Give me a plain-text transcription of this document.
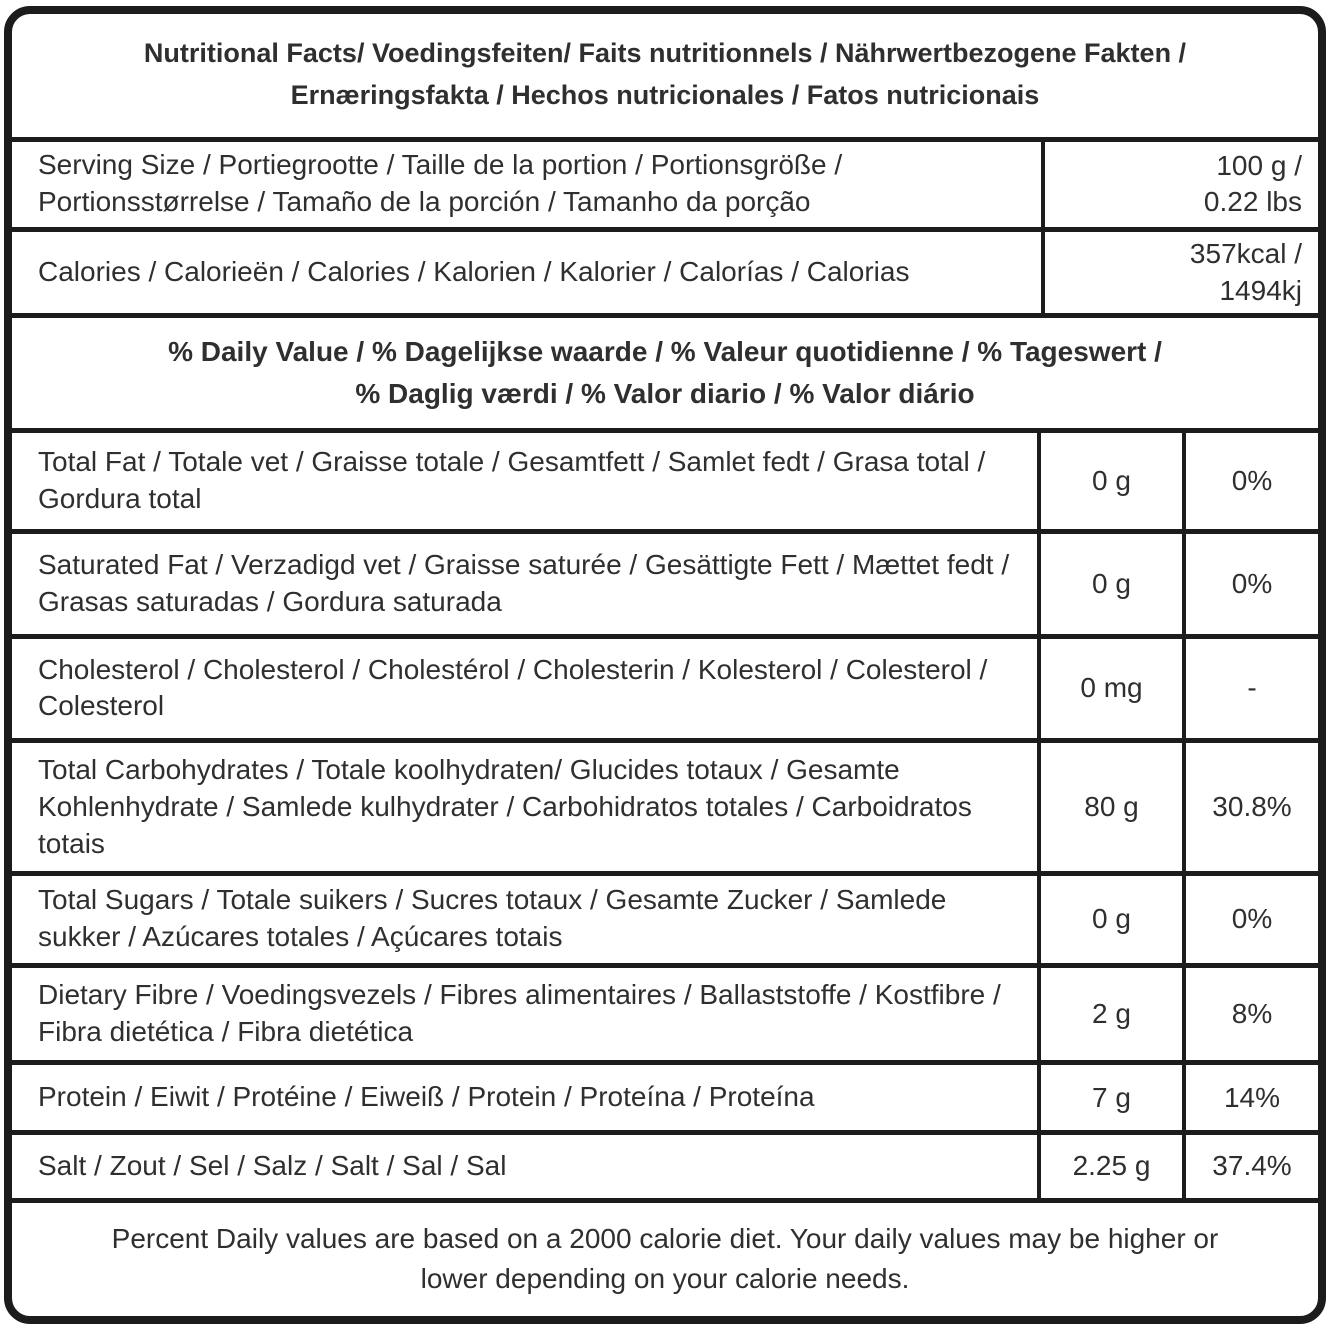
Nutritional Facts/ Voedingsfeiten/ Faits nutritionnels / Nährwertbezogene Fakten /
Ernæringsfakta / Hechos nutricionales / Fatos nutricionais
Serving Size / Portiegrootte / Taille de la portion / Portionsgröße / Portionsstørrelse / Tamaño de la porción / Tamanho da porção
100 g /
0.22 lbs
Calories / Calorieën / Calories / Kalorien / Kalorier / Calorías / Calorias
357kcal /
1494kj
% Daily Value / % Dagelijkse waarde / % Valeur quotidienne / % Tageswert /
% Daglig værdi / % Valor diario / % Valor diário
Total Fat / Totale vet / Graisse totale / Gesamtfett / Samlet fedt / Grasa total / Gordura total
0 g	0%
Saturated Fat / Verzadigd vet / Graisse saturée / Gesättigte Fett / Mættet fedt / Grasas saturadas / Gordura saturada
0 g	0%
Cholesterol / Cholesterol / Cholestérol / Cholesterin / Kolesterol / Colesterol / Colesterol
0 mg	-
Total Carbohydrates / Totale koolhydraten/ Glucides totaux / Gesamte Kohlenhydrate / Samlede kulhydrater / Carbohidratos totales / Carboidratos totais
80 g	30.8%
Total Sugars / Totale suikers / Sucres totaux / Gesamte Zucker / Samlede sukker / Azúcares totales / Açúcares totais
0 g	0%
Dietary Fibre / Voedingsvezels / Fibres alimentaires / Ballaststoffe / Kostfibre / Fibra dietética / Fibra dietética
2 g	8%
Protein / Eiwit / Protéine / Eiweiß / Protein / Proteína / Proteína	7 g	14%
Salt / Zout / Sel / Salz / Salt / Sal / Sal	2.25 g	37.4%
Percent Daily values are based on a 2000 calorie diet. Your daily values may be higher or
lower depending on your calorie needs.
